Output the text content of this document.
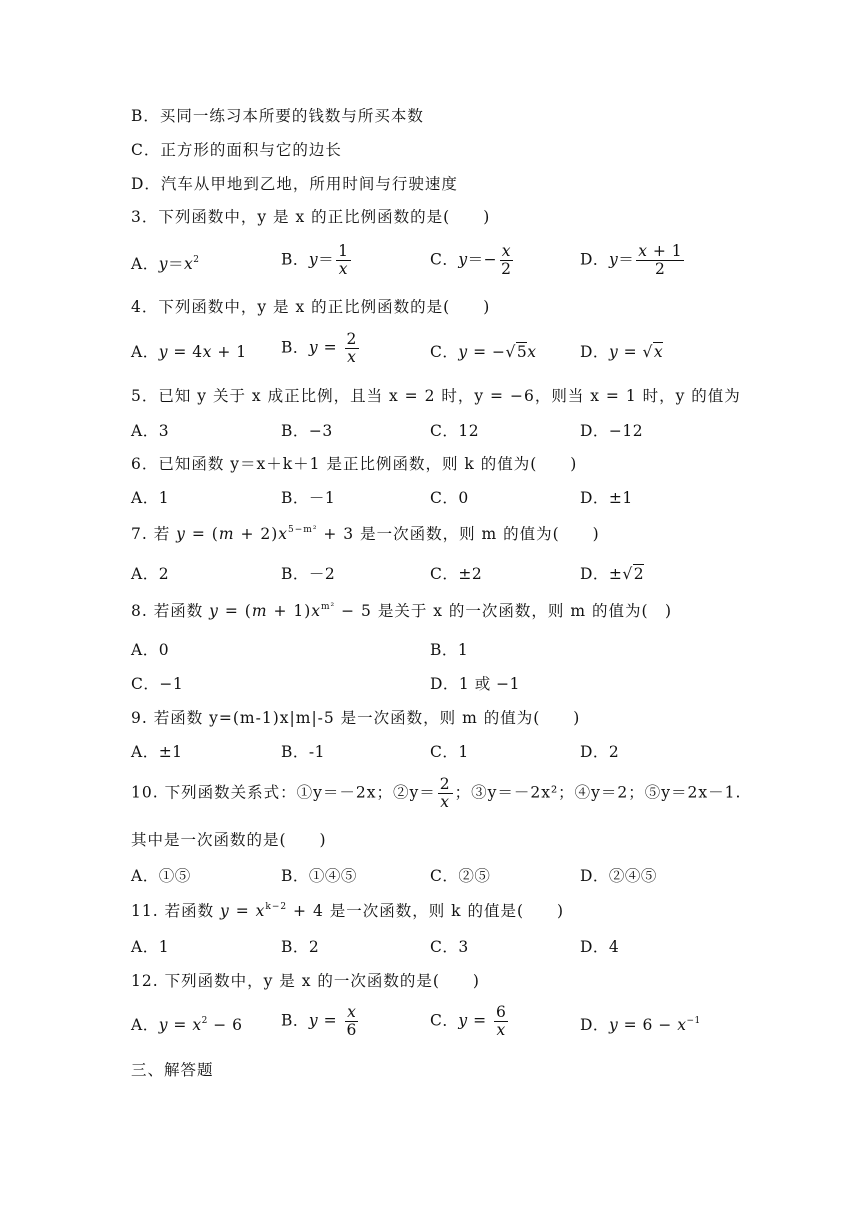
B．买同一练习本所要的钱数与所买本数
C．正方形的面积与它的边长
D．汽车从甲地到乙地，所用时间与行驶速度
3．下列函数中，y 是 x 的正比例函数的是(　　)
A．$y=x^2$	B．$y= \frac{1}{x}$	C．$y=- \frac{x}{2}$	D．$y= \frac{x + 1}{2}$
4．下列函数中，y 是 x 的正比例函数的是(　　)
A．y = 4x + 1 B．$y = \frac{2}{x}$	C．y = −√5x	D．y = √x
5．已知 y 关于 x 成正比例，且当 x = 2 时，y = −6，则当 x = 1 时，y 的值为
A．3	B．−3	C．12	D．−12
6．已知函数 y＝x＋k＋1 是正比例函数，则 k 的值为(　　)
A．1	B．－1	C．0	D．±1
7. 若 $y = (m + 2)x^{5-m^2} + 3$ 是一次函数，则 m 的值为(　　)
A．2	B．－2	C．±2	D．±√2
8. 若函数 $y = (m + 1)x^{m^2} - 5$ 是关于 x 的一次函数，则 m 的值为(　)
A．0	B．1
C．−1	D．1 或 −1
9. 若函数 y=(m-1)x|m|-5 是一次函数，则 m 的值为(　　)
A．±1	B．-1	C．1	D．2
10. 下列函数关系式：①y＝－2x；②y＝ $\frac{2}{x}$ ；③y＝－2x²；④y＝2；⑤y＝2x－1.
其中是一次函数的是(　　)
A．①⑤	B．①④⑤	C．②⑤	D．②④⑤
11. 若函数 $y = x^{k-2} + 4$ 是一次函数，则 k 的值是(　　)
A．1	B．2	C．3	D．4
12. 下列函数中，y 是 x 的一次函数的是(　　)
A．$y = x^2 - 6$ B．$y = \frac{x}{6}$	C．$y = \frac{6}{x}$	D．$y = 6 - x^{-1}$
三、解答题
